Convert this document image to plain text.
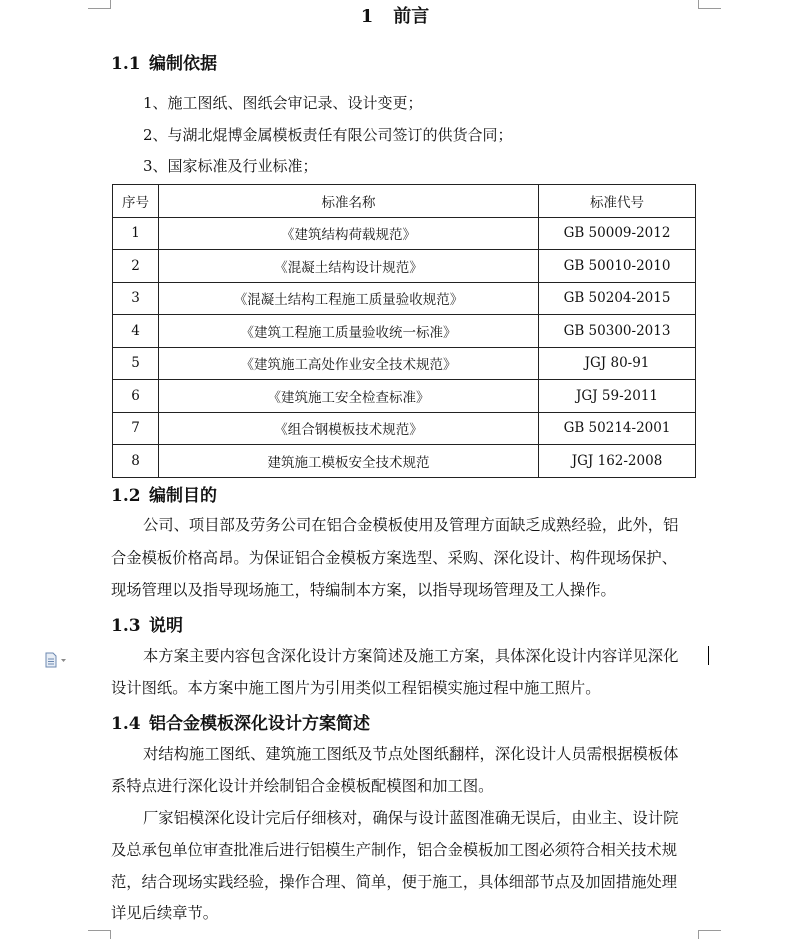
1 前言
1.1 编制依据
1、施工图纸、图纸会审记录、设计变更；
2、与湖北焜博金属模板责任有限公司签订的供货合同；
3、国家标准及行业标准；
序号	标准名称	标准代号
1	《建筑结构荷载规范》	GB 50009-2012
2	《混凝土结构设计规范》	GB 50010-2010
3	《混凝土结构工程施工质量验收规范》	GB 50204-2015
4	《建筑工程施工质量验收统一标准》	GB 50300-2013
5	《建筑施工高处作业安全技术规范》	JGJ 80-91
6	《建筑施工安全检查标准》	JGJ 59-2011
7	《组合钢模板技术规范》	GB 50214-2001
8	建筑施工模板安全技术规范	JGJ 162-2008
1.2 编制目的
公司、项目部及劳务公司在铝合金模板使用及管理方面缺乏成熟经验，此外，铝
合金模板价格高昂。为保证铝合金模板方案选型、采购、深化设计、构件现场保护、
现场管理以及指导现场施工，特编制本方案，以指导现场管理及工人操作。
1.3 说明
本方案主要内容包含深化设计方案简述及施工方案，具体深化设计内容详见深化
设计图纸。本方案中施工图片为引用类似工程铝模实施过程中施工照片。
1.4 铝合金模板深化设计方案简述
对结构施工图纸、建筑施工图纸及节点处图纸翻样，深化设计人员需根据模板体
系特点进行深化设计并绘制铝合金模板配模图和加工图。
厂家铝模深化设计完后仔细核对，确保与设计蓝图准确无误后，由业主、设计院
及总承包单位审查批准后进行铝模生产制作，铝合金模板加工图必须符合相关技术规
范，结合现场实践经验，操作合理、简单，便于施工，具体细部节点及加固措施处理
详见后续章节。
